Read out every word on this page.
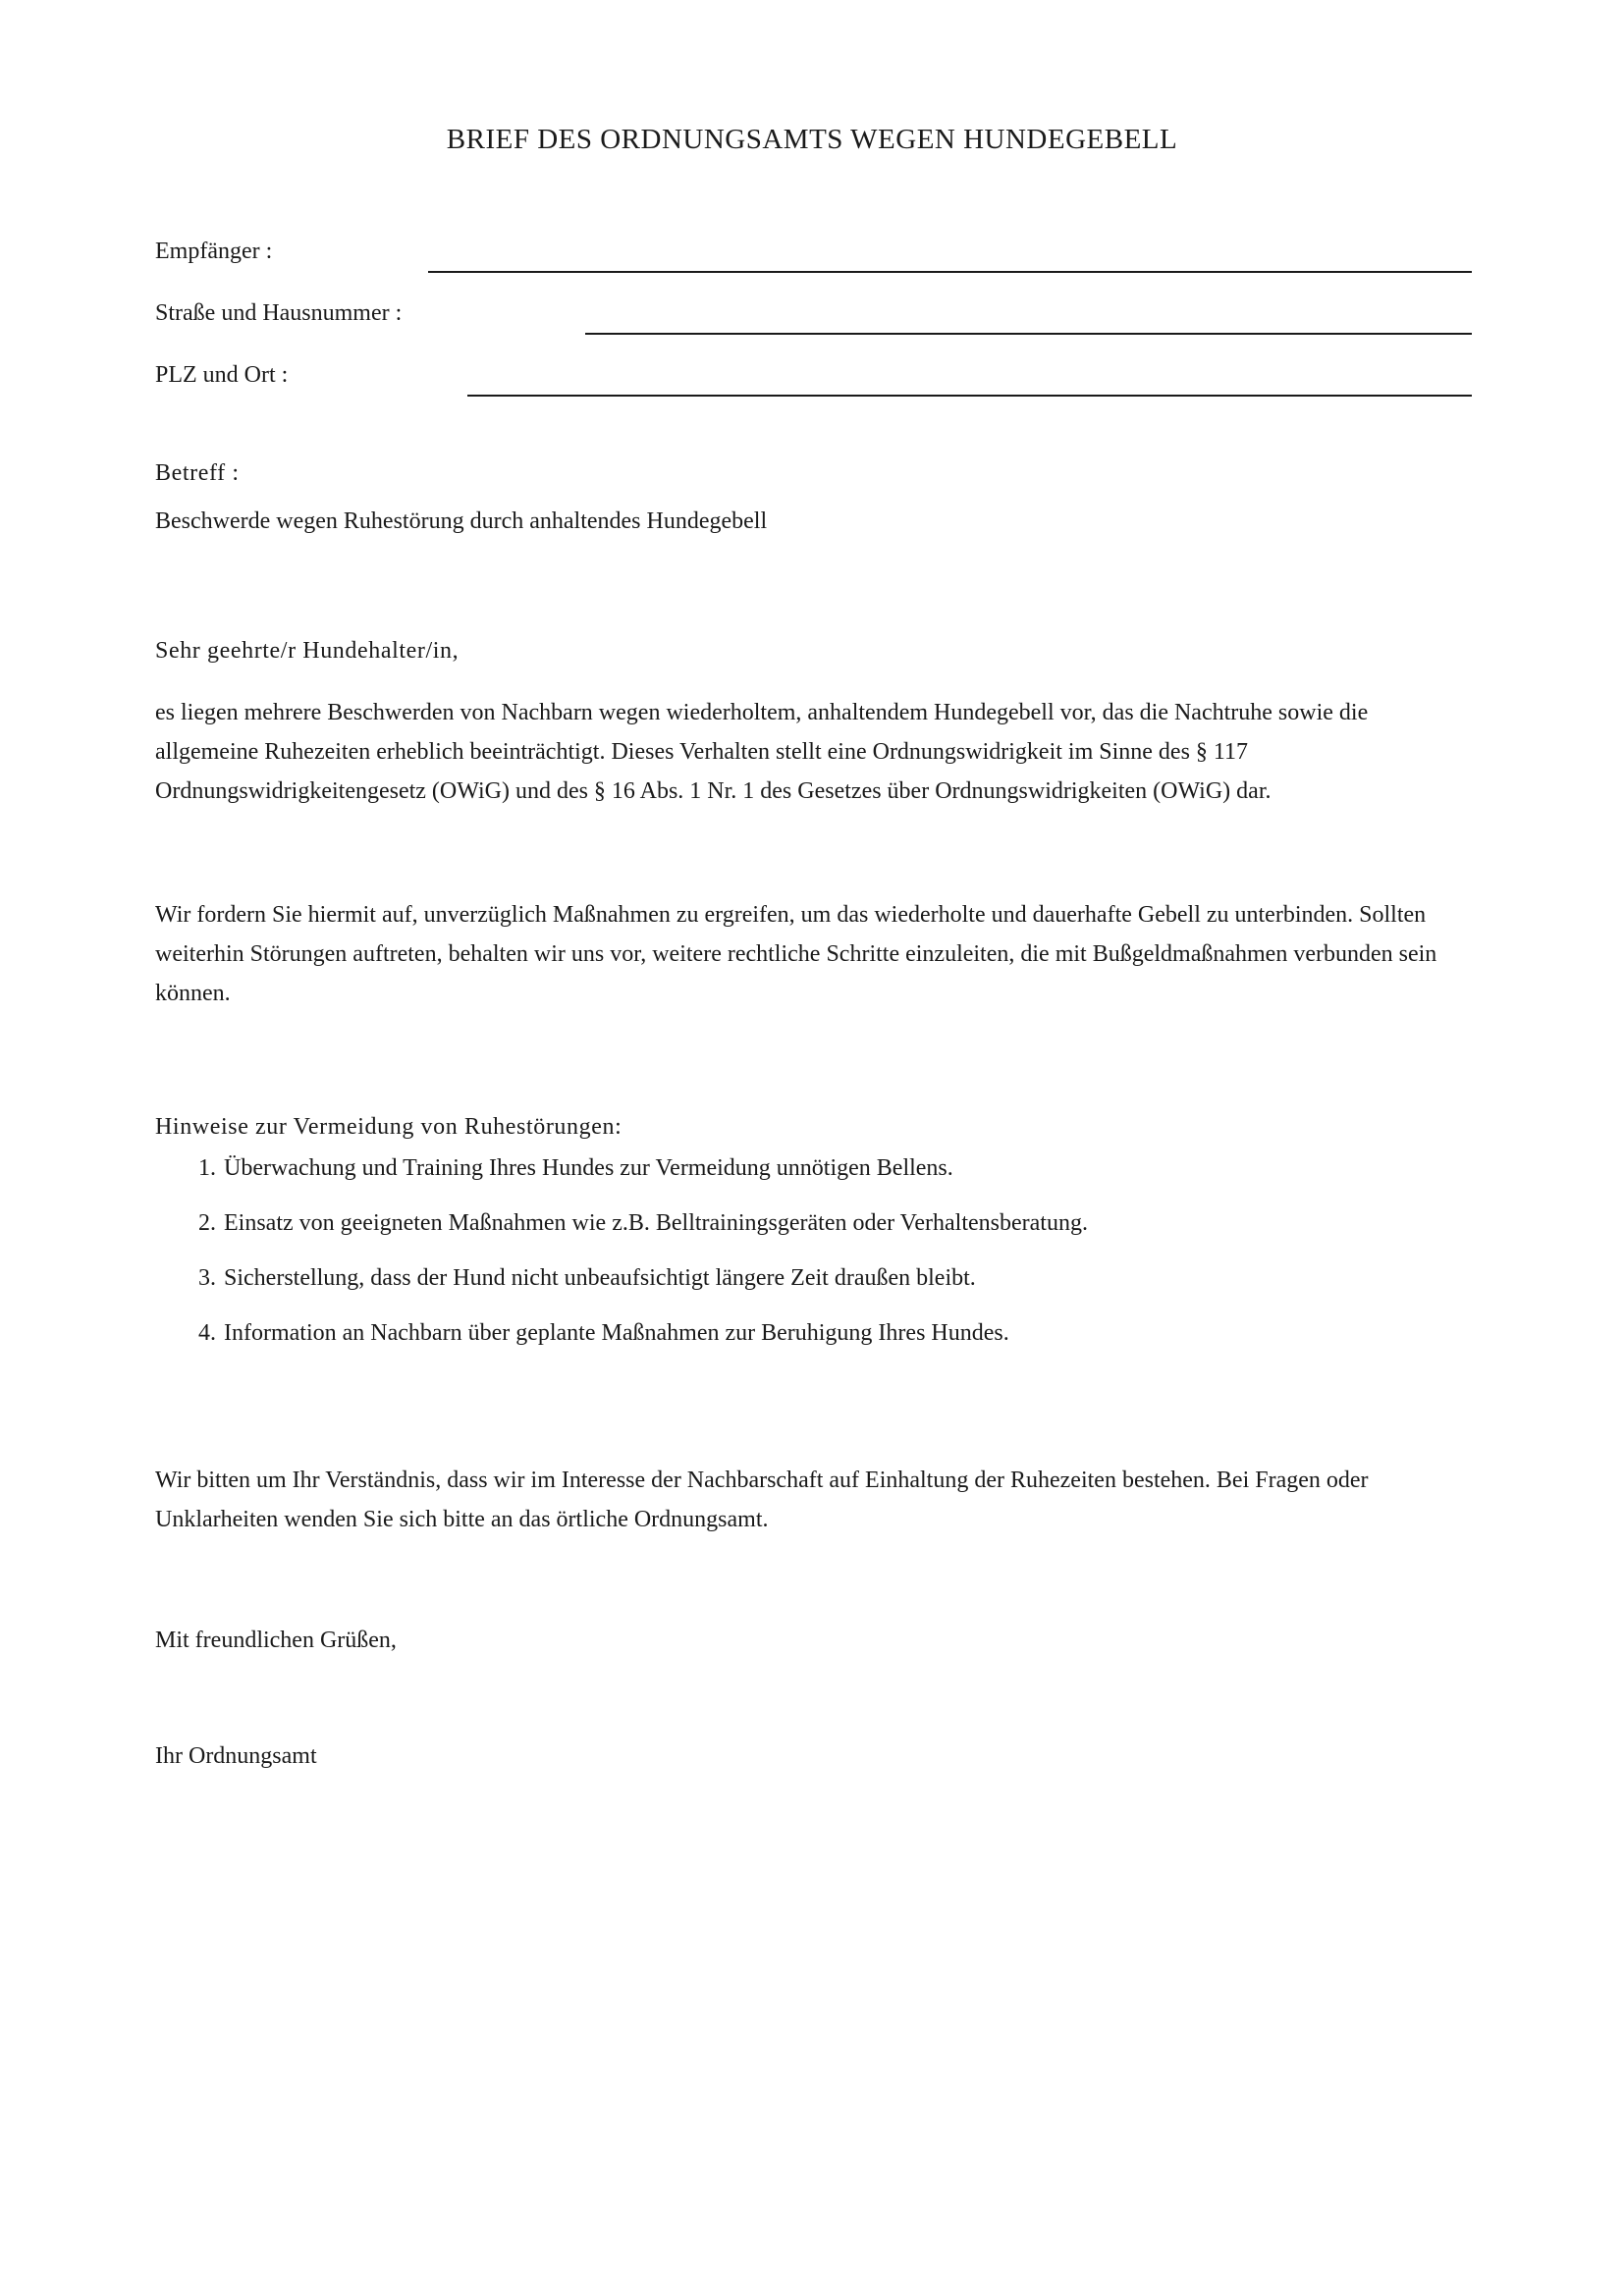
BRIEF DES ORDNUNGSAMTS WEGEN HUNDEGEBELL
Empfänger :
Straße und Hausnummer :
PLZ und Ort :
Betreff :
Beschwerde wegen Ruhestörung durch anhaltendes Hundegebell
Sehr geehrte/r Hundehalter/in,
es liegen mehrere Beschwerden von Nachbarn wegen wiederholtem, anhaltendem Hundegebell vor, das die Nachtruhe sowie die allgemeine Ruhezeiten erheblich beeinträchtigt. Dieses Verhalten stellt eine Ordnungswidrigkeit im Sinne des § 117 Ordnungswidrigkeitengesetz (OWiG) und des § 16 Abs. 1 Nr. 1 des Gesetzes über Ordnungswidrigkeiten (OWiG) dar.
Wir fordern Sie hiermit auf, unverzüglich Maßnahmen zu ergreifen, um das wiederholte und dauerhafte Gebell zu unterbinden. Sollten weiterhin Störungen auftreten, behalten wir uns vor, weitere rechtliche Schritte einzuleiten, die mit Bußgeldmaßnahmen verbunden sein können.
Hinweise zur Vermeidung von Ruhestörungen:
1. Überwachung und Training Ihres Hundes zur Vermeidung unnötigen Bellens.
2. Einsatz von geeigneten Maßnahmen wie z.B. Belltrainingsgeräten oder Verhaltensberatung.
3. Sicherstellung, dass der Hund nicht unbeaufsichtigt längere Zeit draußen bleibt.
4. Information an Nachbarn über geplante Maßnahmen zur Beruhigung Ihres Hundes.
Wir bitten um Ihr Verständnis, dass wir im Interesse der Nachbarschaft auf Einhaltung der Ruhezeiten bestehen. Bei Fragen oder Unklarheiten wenden Sie sich bitte an das örtliche Ordnungsamt.
Mit freundlichen Grüßen,
Ihr Ordnungsamt
